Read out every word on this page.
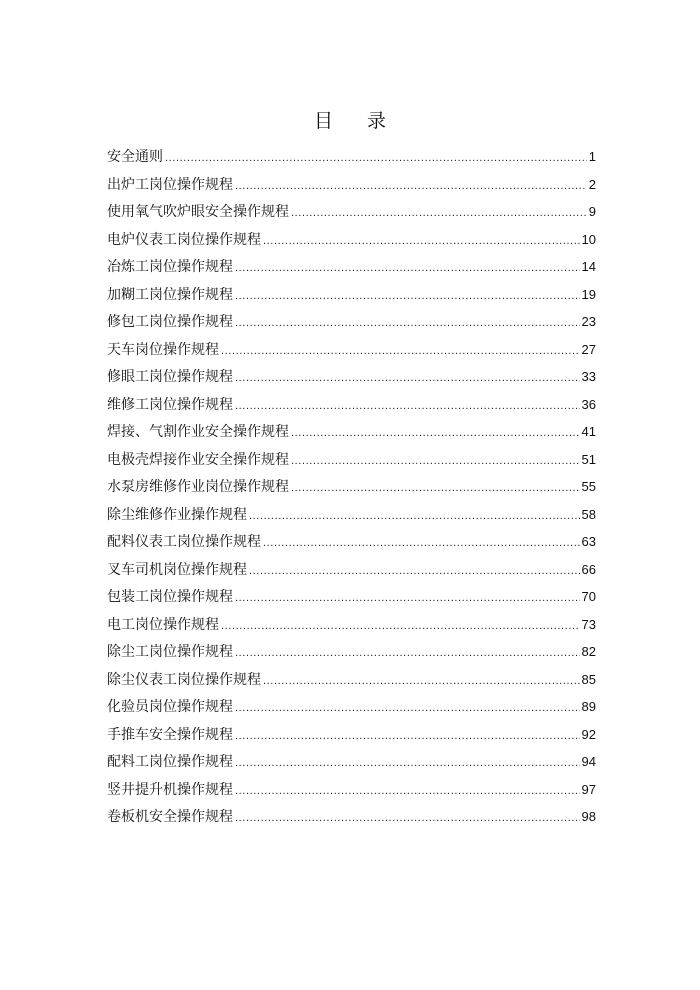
目 录
安全通则 .....	1
出炉工岗位操作规程 .....	2
使用氧气吹炉眼安全操作规程 .....	9
电炉仪表工岗位操作规程 .....	10
冶炼工岗位操作规程 .....	14
加糊工岗位操作规程 .....	19
修包工岗位操作规程 .....	23
天车岗位操作规程 .....	27
修眼工岗位操作规程 .....	33
维修工岗位操作规程 .....	36
焊接、气割作业安全操作规程 .....	41
电极壳焊接作业安全操作规程 .....	51
水泵房维修作业岗位操作规程 .....	55
除尘维修作业操作规程 .....	58
配料仪表工岗位操作规程 .....	63
叉车司机岗位操作规程 .....	66
包装工岗位操作规程 .....	70
电工岗位操作规程 .....	73
除尘工岗位操作规程 .....	82
除尘仪表工岗位操作规程 .....	85
化验员岗位操作规程 .....	89
手推车安全操作规程 .....	92
配料工岗位操作规程 .....	94
竖井提升机操作规程 .....	97
卷板机安全操作规程 .....	98
